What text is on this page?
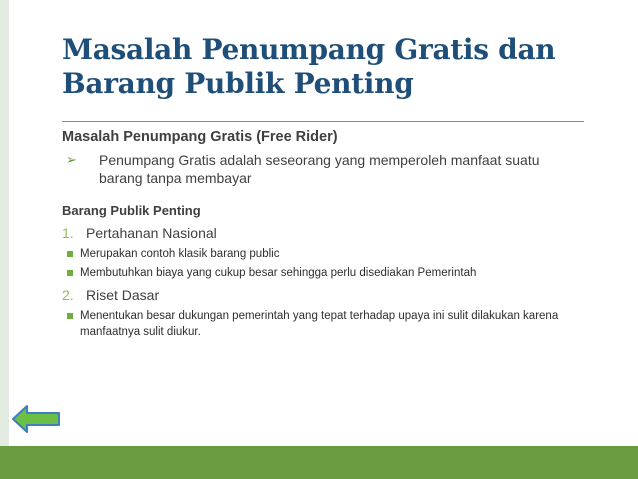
Masalah Penumpang Gratis dan
Barang Publik Penting
Masalah Penumpang Gratis (Free Rider)
➢ Penumpang Gratis adalah seseorang yang memperoleh manfaat suatu
barang tanpa membayar
Barang Publik Penting
1. Pertahanan Nasional
Merupakan contoh klasik barang public
Membutuhkan biaya yang cukup besar sehingga perlu disediakan Pemerintah
2. Riset Dasar
Menentukan besar dukungan pemerintah yang tepat terhadap upaya ini sulit dilakukan karena manfaatnya sulit diukur.
